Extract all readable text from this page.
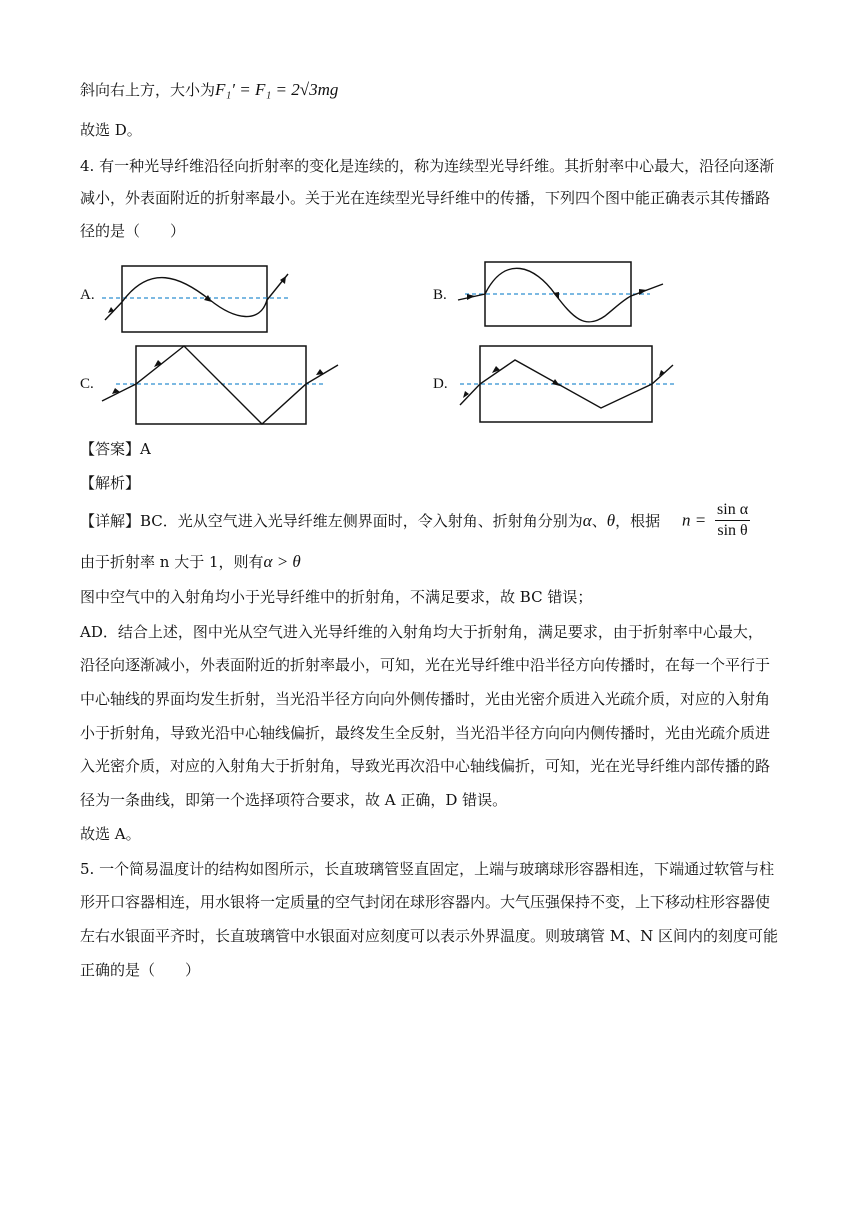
斜向右上方，大小为F₁′ = F₁ = 2√3mg
故选 D。
4. 有一种光导纤维沿径向折射率的变化是连续的，称为连续型光导纤维。其折射率中心最大，沿径向逐渐
减小，外表面附近的折射率最小。关于光在连续型光导纤维中的传播，下列四个图中能正确表示其传播路
径的是（　　）
A.	B.
C.	D.
【答案】A
【解析】
【详解】BC．光从空气进入光导纤维左侧界面时，令入射角、折射角分别为α、θ，根据 $n = \frac{\text{sin α}}{\text{sin θ}}$
由于折射率 n 大于 1，则有α > θ
图中空气中的入射角均小于光导纤维中的折射角，不满足要求，故 BC 错误；
AD．结合上述，图中光从空气进入光导纤维的入射角均大于折射角，满足要求，由于折射率中心最大，
沿径向逐渐减小，外表面附近的折射率最小，可知，光在光导纤维中沿半径方向传播时，在每一个平行于
中心轴线的界面均发生折射，当光沿半径方向向外侧传播时，光由光密介质进入光疏介质，对应的入射角
小于折射角，导致光沿中心轴线偏折，最终发生全反射，当光沿半径方向向内侧传播时，光由光疏介质进
入光密介质，对应的入射角大于折射角，导致光再次沿中心轴线偏折，可知，光在光导纤维内部传播的路
径为一条曲线，即第一个选择项符合要求，故 A 正确，D 错误。
故选 A。
5. 一个简易温度计的结构如图所示，长直玻璃管竖直固定，上端与玻璃球形容器相连，下端通过软管与柱
形开口容器相连，用水银将一定质量的空气封闭在球形容器内。大气压强保持不变，上下移动柱形容器使
左右水银面平齐时，长直玻璃管中水银面对应刻度可以表示外界温度。则玻璃管 M、N 区间内的刻度可能
正确的是（　　）
